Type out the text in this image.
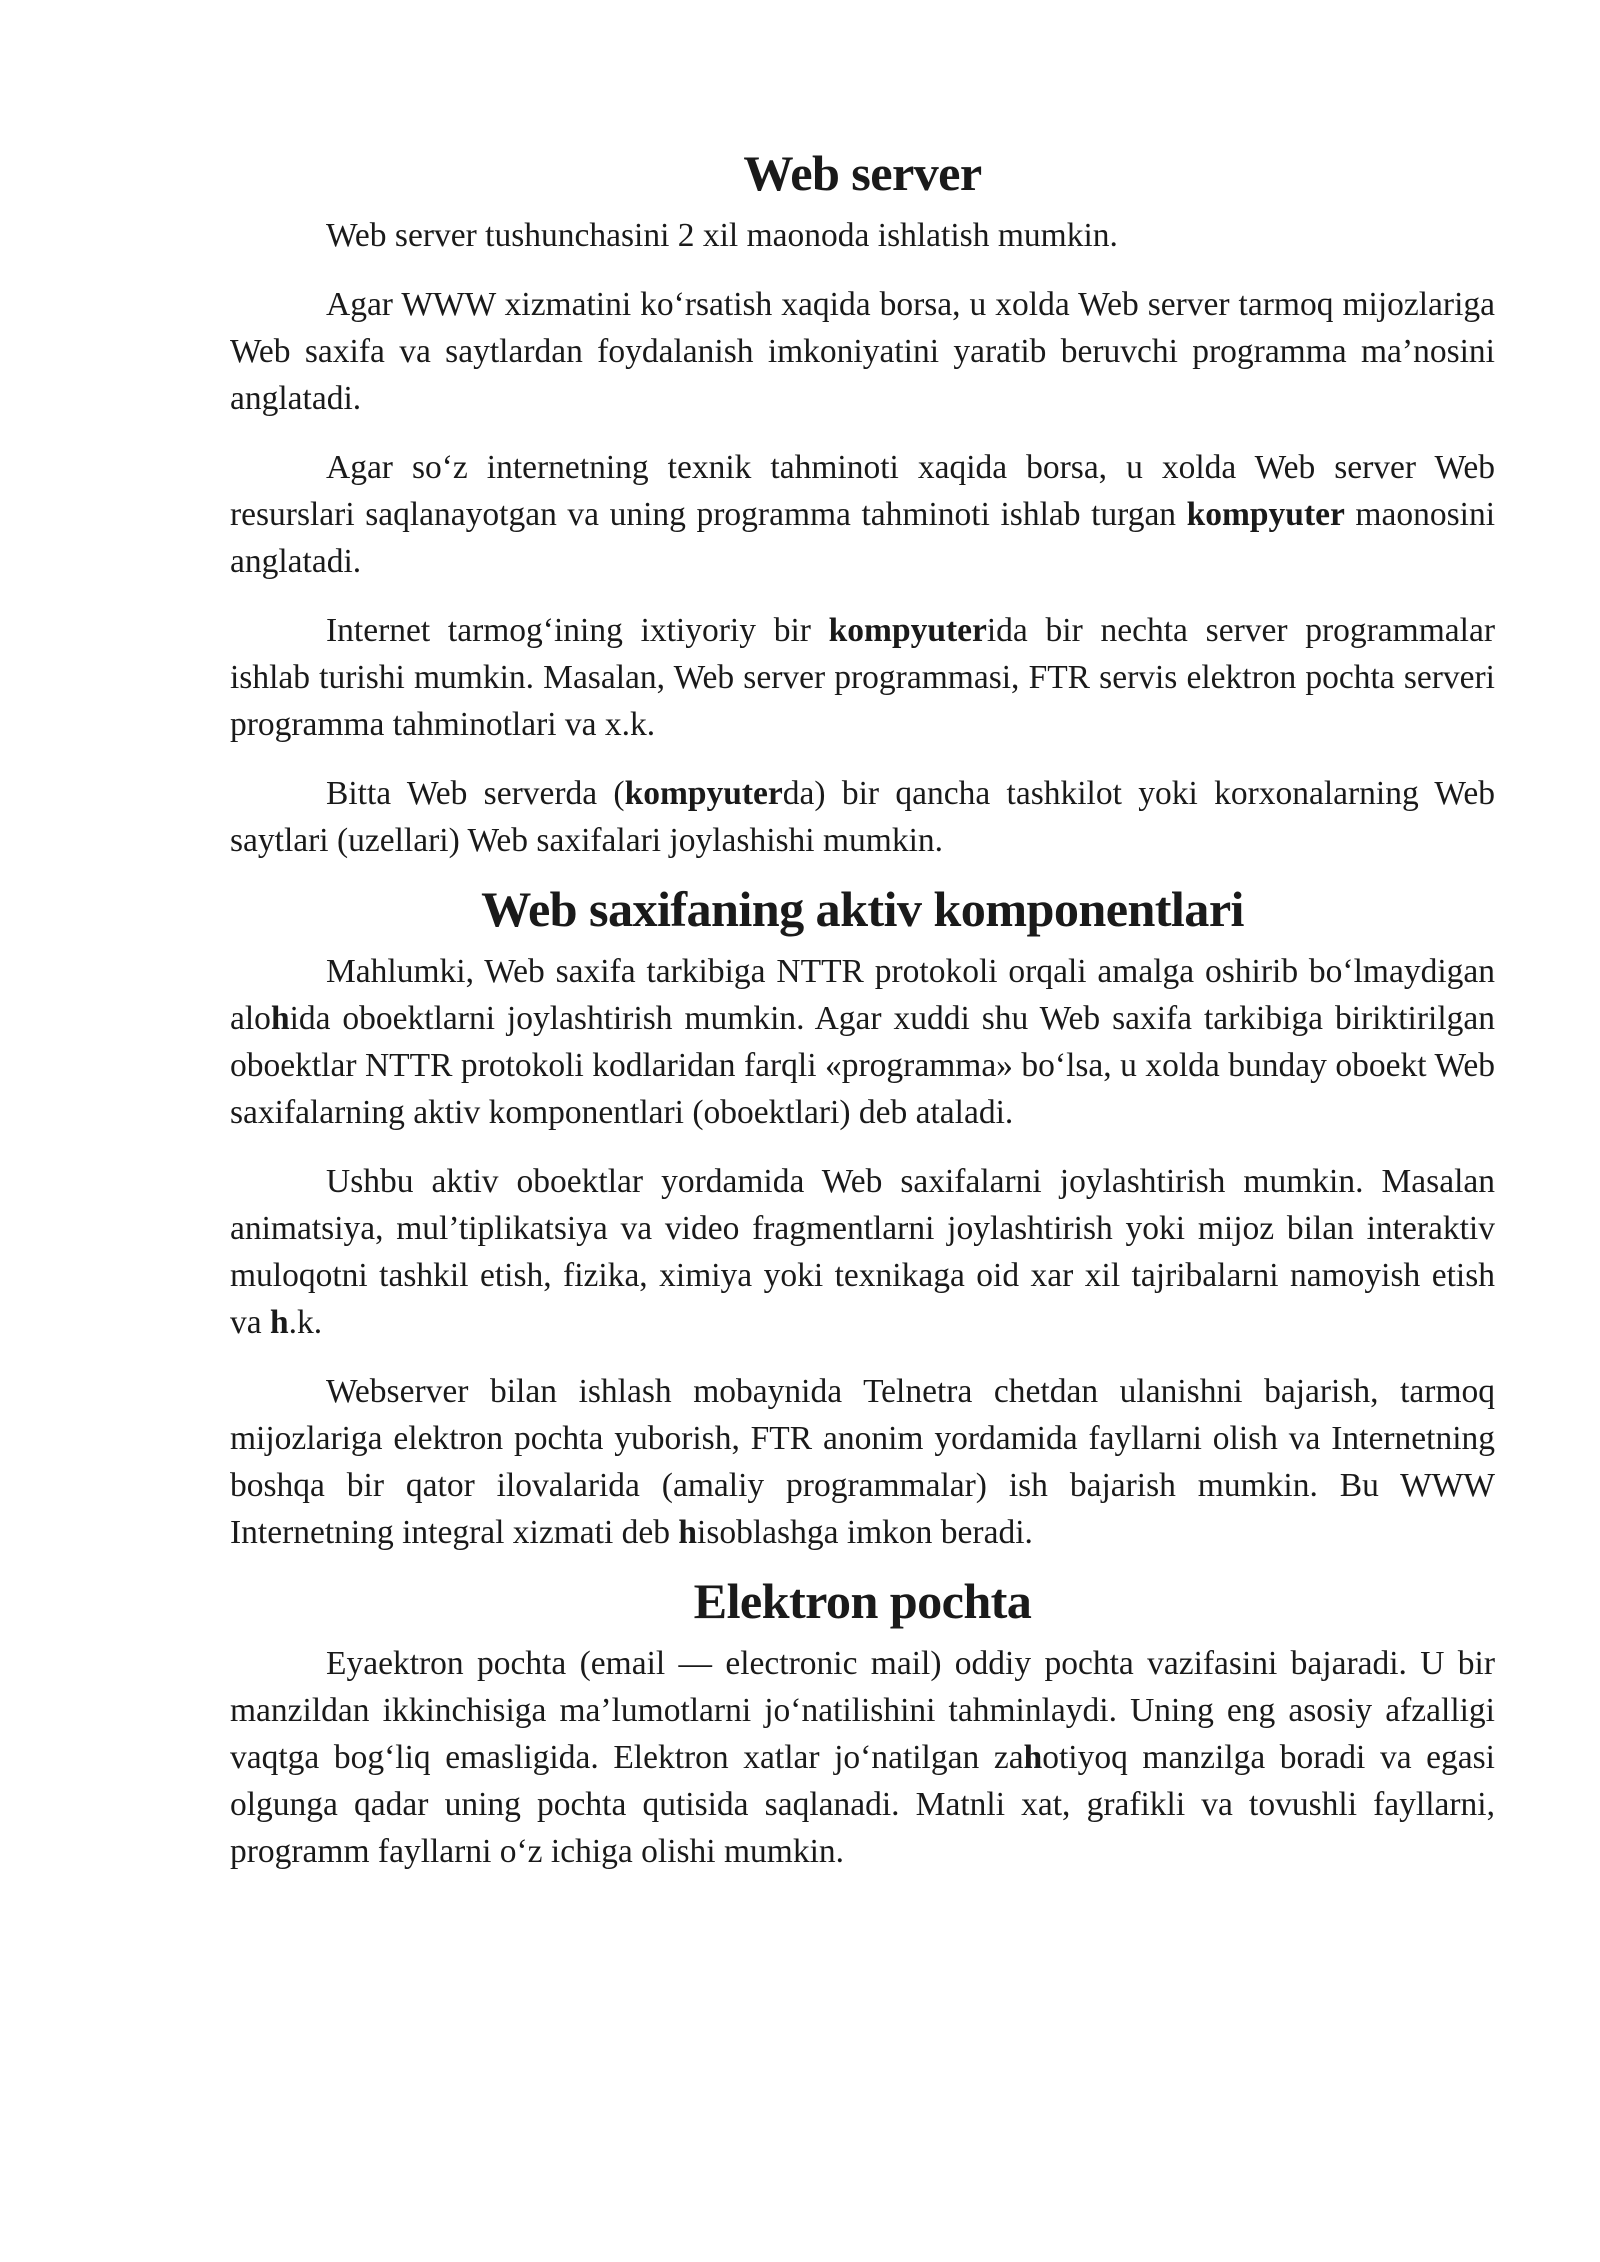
Web server

Web server tushunchasini 2 xil maonoda ishlatish mumkin.

Agar WWW xizmatini ko‘rsatish xaqida borsa, u xolda Web server tarmoq mijozlariga Web saxifa va saytlardan foydalanish imkoniyatini yaratib beruvchi programma ma’nosini anglatadi.

Agar so‘z internetning texnik tahminoti xaqida borsa, u xolda Web server Web resurslari saqlanayotgan va uning programma tahminoti ishlab turgan kompyuter maonosini anglatadi.

Internet tarmog‘ining ixtiyoriy bir kompyuterida bir nechta server programmalar ishlab turishi mumkin. Masalan, Web server programmasi, FTR servis elektron pochta serveri programma tahminotlari va x.k.

Bitta Web serverda (kompyuterda) bir qancha tashkilot yoki korxonalarning Web saytlari (uzellari) Web saxifalari joylashishi mumkin.

Web saxifaning aktiv komponentlari

Mahlumki, Web saxifa tarkibiga NTTR protokoli orqali amalga oshirib bo‘lmaydigan alohida oboektlarni joylashtirish mumkin. Agar xuddi shu Web saxifa tarkibiga biriktirilgan oboektlar NTTR protokoli kodlaridan farqli «programma» bo‘lsa, u xolda bunday oboekt Web saxifalarning aktiv komponentlari (oboektlari) deb ataladi.

Ushbu aktiv oboektlar yordamida Web saxifalarni joylashtirish mumkin. Masalan animatsiya, mul’tiplikatsiya va video fragmentlarni joylashtirish yoki mijoz bilan interaktiv muloqotni tashkil etish, fizika, ximiya yoki texnikaga oid xar xil tajribalarni namoyish etish va h.k.

Webserver bilan ishlash mobaynida Telnetra chetdan ulanishni bajarish, tarmoq mijozlariga elektron pochta yuborish, FTR anonim yordamida fayllarni olish va Internetning boshqa bir qator ilovalarida (amaliy programmalar) ish bajarish mumkin. Bu WWW Internetning integral xizmati deb hisoblashga imkon beradi.

Elektron pochta

Eyaektron pochta (email — electronic mail) oddiy pochta vazifasini bajaradi. U bir manzildan ikkinchisiga ma’lumotlarni jo‘natilishini tahminlaydi. Uning eng asosiy afzalligi vaqtga bog‘liq emasligida. Elektron xatlar jo‘natilgan zahotiyoq manzilga boradi va egasi olgunga qadar uning pochta qutisida saqlanadi. Matnli xat, grafikli va tovushli fayllarni, programm fayllarni o‘z ichiga olishi mumkin.
